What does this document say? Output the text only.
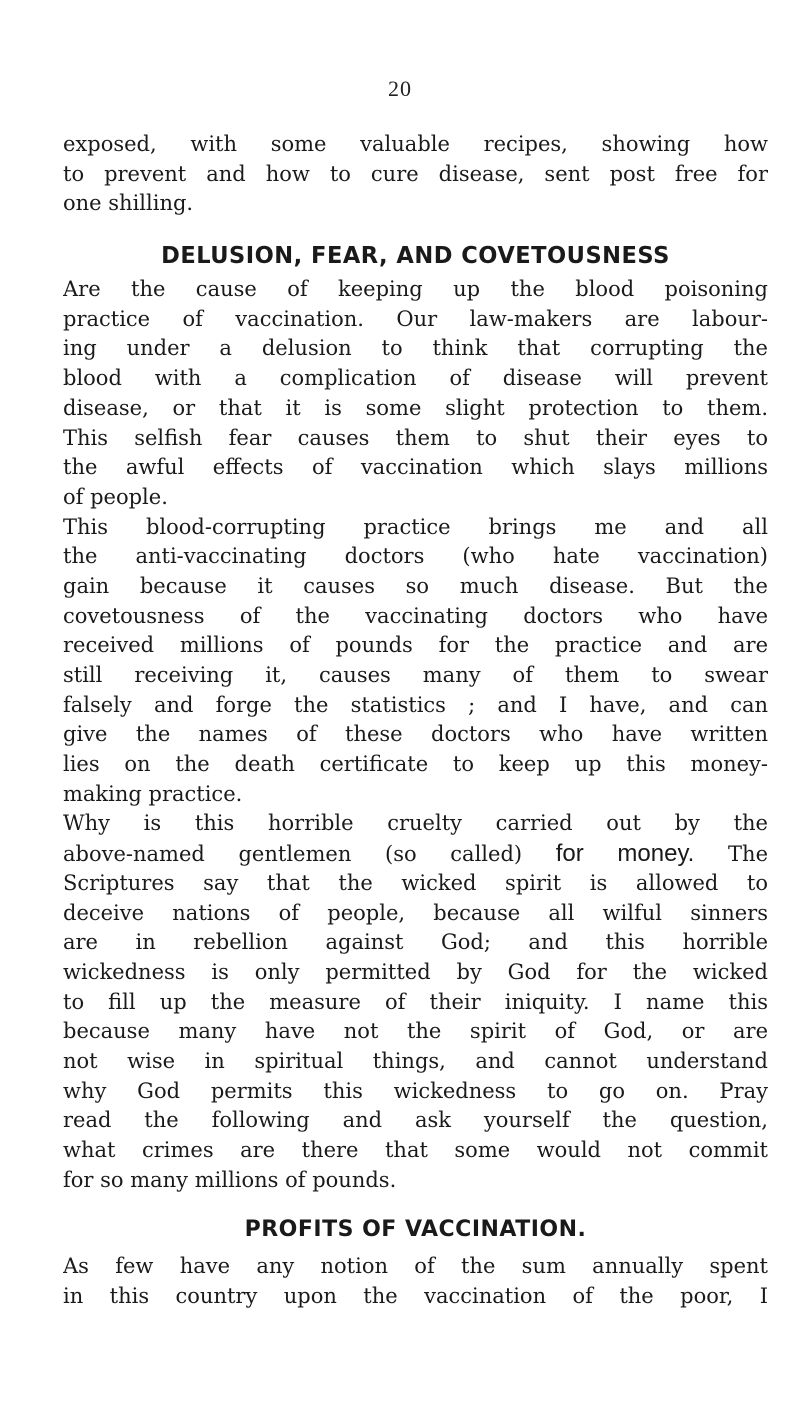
20
exposed, with some valuable recipes, showing how
to prevent and how to cure disease, sent post free for
one shilling.
DELUSION, FEAR, AND COVETOUSNESS
Are the cause of keeping up the blood poisoning
practice of vaccination. Our law-makers are labour-
ing under a delusion to think that corrupting the
blood with a complication of disease will prevent
disease, or that it is some slight protection to them.
This selfish fear causes them to shut their eyes to
the awful effects of vaccination which slays millions
of people.
This blood-corrupting practice brings me and all
the anti-vaccinating doctors (who hate vaccination)
gain because it causes so much disease. But the
covetousness of the vaccinating doctors who have
received millions of pounds for the practice and are
still receiving it, causes many of them to swear
falsely and forge the statistics ; and I have, and can
give the names of these doctors who have written
lies on the death certificate to keep up this money-
making practice.
Why is this horrible cruelty carried out by the
above-named gentlemen (so called) for money. The
Scriptures say that the wicked spirit is allowed to
deceive nations of people, because all wilful sinners
are in rebellion against God; and this horrible
wickedness is only permitted by God for the wicked
to fill up the measure of their iniquity. I name this
because many have not the spirit of God, or are
not wise in spiritual things, and cannot understand
why God permits this wickedness to go on. Pray
read the following and ask yourself the question,
what crimes are there that some would not commit
for so many millions of pounds.
PROFITS OF VACCINATION.
As few have any notion of the sum annually spent
in this country upon the vaccination of the poor, I
